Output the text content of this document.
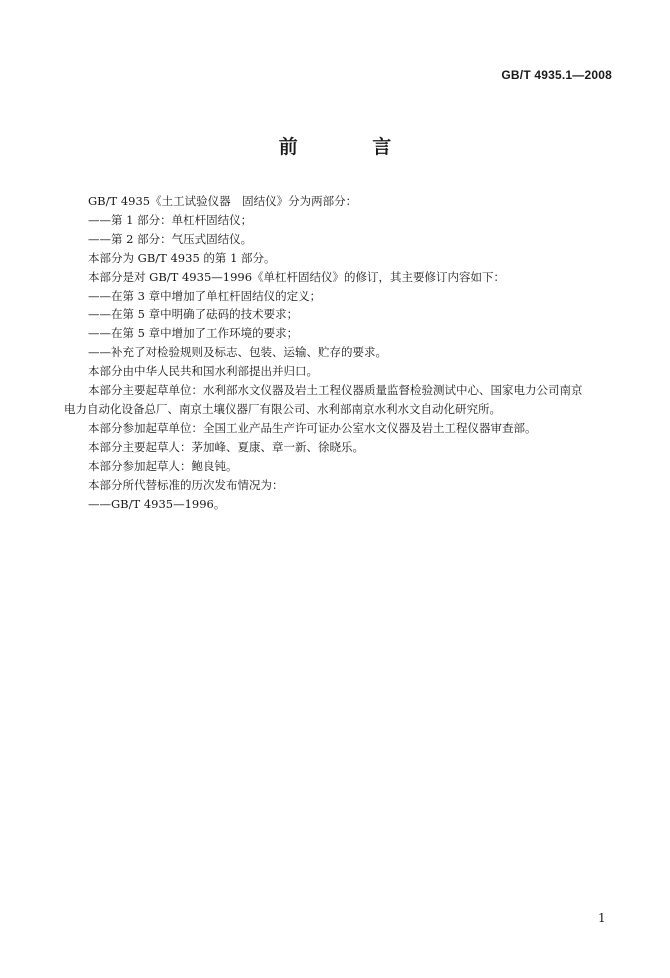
GB/T 4935.1—2008
前 言
GB/T 4935《土工试验仪器　固结仪》分为两部分：
——第 1 部分：单杠杆固结仪；
——第 2 部分：气压式固结仪。
本部分为 GB/T 4935 的第 1 部分。
本部分是对 GB/T 4935—1996《单杠杆固结仪》的修订，其主要修订内容如下：
——在第 3 章中增加了单杠杆固结仪的定义；
——在第 5 章中明确了砝码的技术要求；
——在第 5 章中增加了工作环境的要求；
——补充了对检验规则及标志、包装、运输、贮存的要求。
本部分由中华人民共和国水利部提出并归口。
本部分主要起草单位：水利部水文仪器及岩土工程仪器质量监督检验测试中心、国家电力公司南京
电力自动化设备总厂、南京土壤仪器厂有限公司、水利部南京水利水文自动化研究所。
本部分参加起草单位：全国工业产品生产许可证办公室水文仪器及岩土工程仪器审查部。
本部分主要起草人：茅加峰、夏康、章一新、徐晓乐。
本部分参加起草人：鲍良钝。
本部分所代替标准的历次发布情况为：
——GB/T 4935—1996。
1
